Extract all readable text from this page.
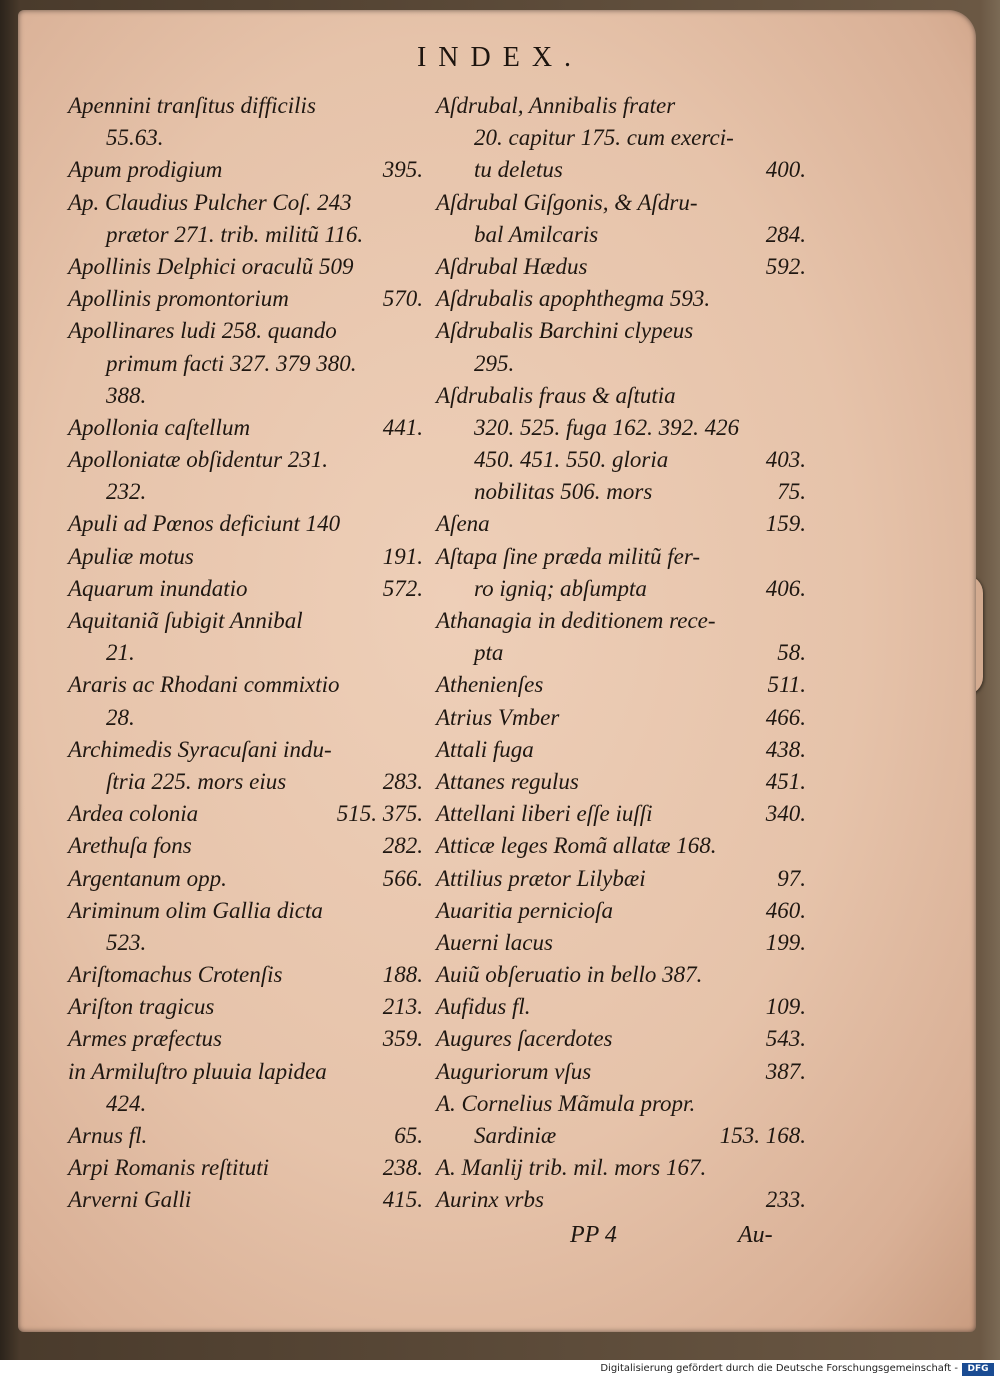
INDEX.
Apennini tranſitus difficilis
55.63.
Apum prodigium	395.
Ap. Claudius Pulcher Coſ. 243
prætor 271. trib. militũ 116.
Apollinis Delphici oraculũ 509
Apollinis promontorium	570.
Apollinares ludi 258. quando
primum facti 327. 379 380.
388.
Apollonia caſtellum	441.
Apolloniatæ obſidentur 231.
232.
Apuli ad Pœnos deficiunt 140
Apuliæ motus	191.
Aquarum inundatio	572.
Aquitaniã ſubigit Annibal
21.
Araris ac Rhodani commixtio
28.
Archimedis Syracuſani indu-
ſtria 225. mors eius	283.
Ardea colonia	515. 375.
Arethuſa fons	282.
Argentanum opp.	566.
Ariminum olim Gallia dicta
523.
Ariſtomachus Crotenſis	188.
Ariſton tragicus	213.
Armes præfectus	359.
in Armiluſtro pluuia lapidea
424.
Arnus fl.	65.
Arpi Romanis reſtituti	238.
Arverni Galli	415.
Aſdrubal, Annibalis frater
20. capitur 175. cum exerci-
tu deletus	400.
Aſdrubal Giſgonis, & Aſdru-
bal Amilcaris	284.
Aſdrubal Hædus	592.
Aſdrubalis apophthegma 593.
Aſdrubalis Barchini clypeus
295.
Aſdrubalis fraus & aſtutia
320. 525. fuga 162. 392. 426
450. 451. 550. gloria	403.
nobilitas 506. mors	75.
Aſena	159.
Aſtapa ſine præda militũ fer-
ro igniq; abſumpta	406.
Athanagia in deditionem rece-
pta	58.
Athenienſes	511.
Atrius Vmber	466.
Attali fuga	438.
Attanes regulus	451.
Attellani liberi eſſe iuſſi	340.
Atticæ leges Romã allatæ 168.
Attilius prætor Lilybæi	97.
Auaritia pernicioſa	460.
Auerni lacus	199.
Auiũ obſeruatio in bello 387.
Aufidus fl.	109.
Augures ſacerdotes	543.
Auguriorum vſus	387.
A. Cornelius Mãmula propr.
Sardiniæ	153. 168.
A. Manlij trib. mil. mors 167.
Aurinx vrbs	233.
PP 4	Au-
Digitalisierung gefördert durch die Deutsche Forschungsgemeinschaft -	DFG
